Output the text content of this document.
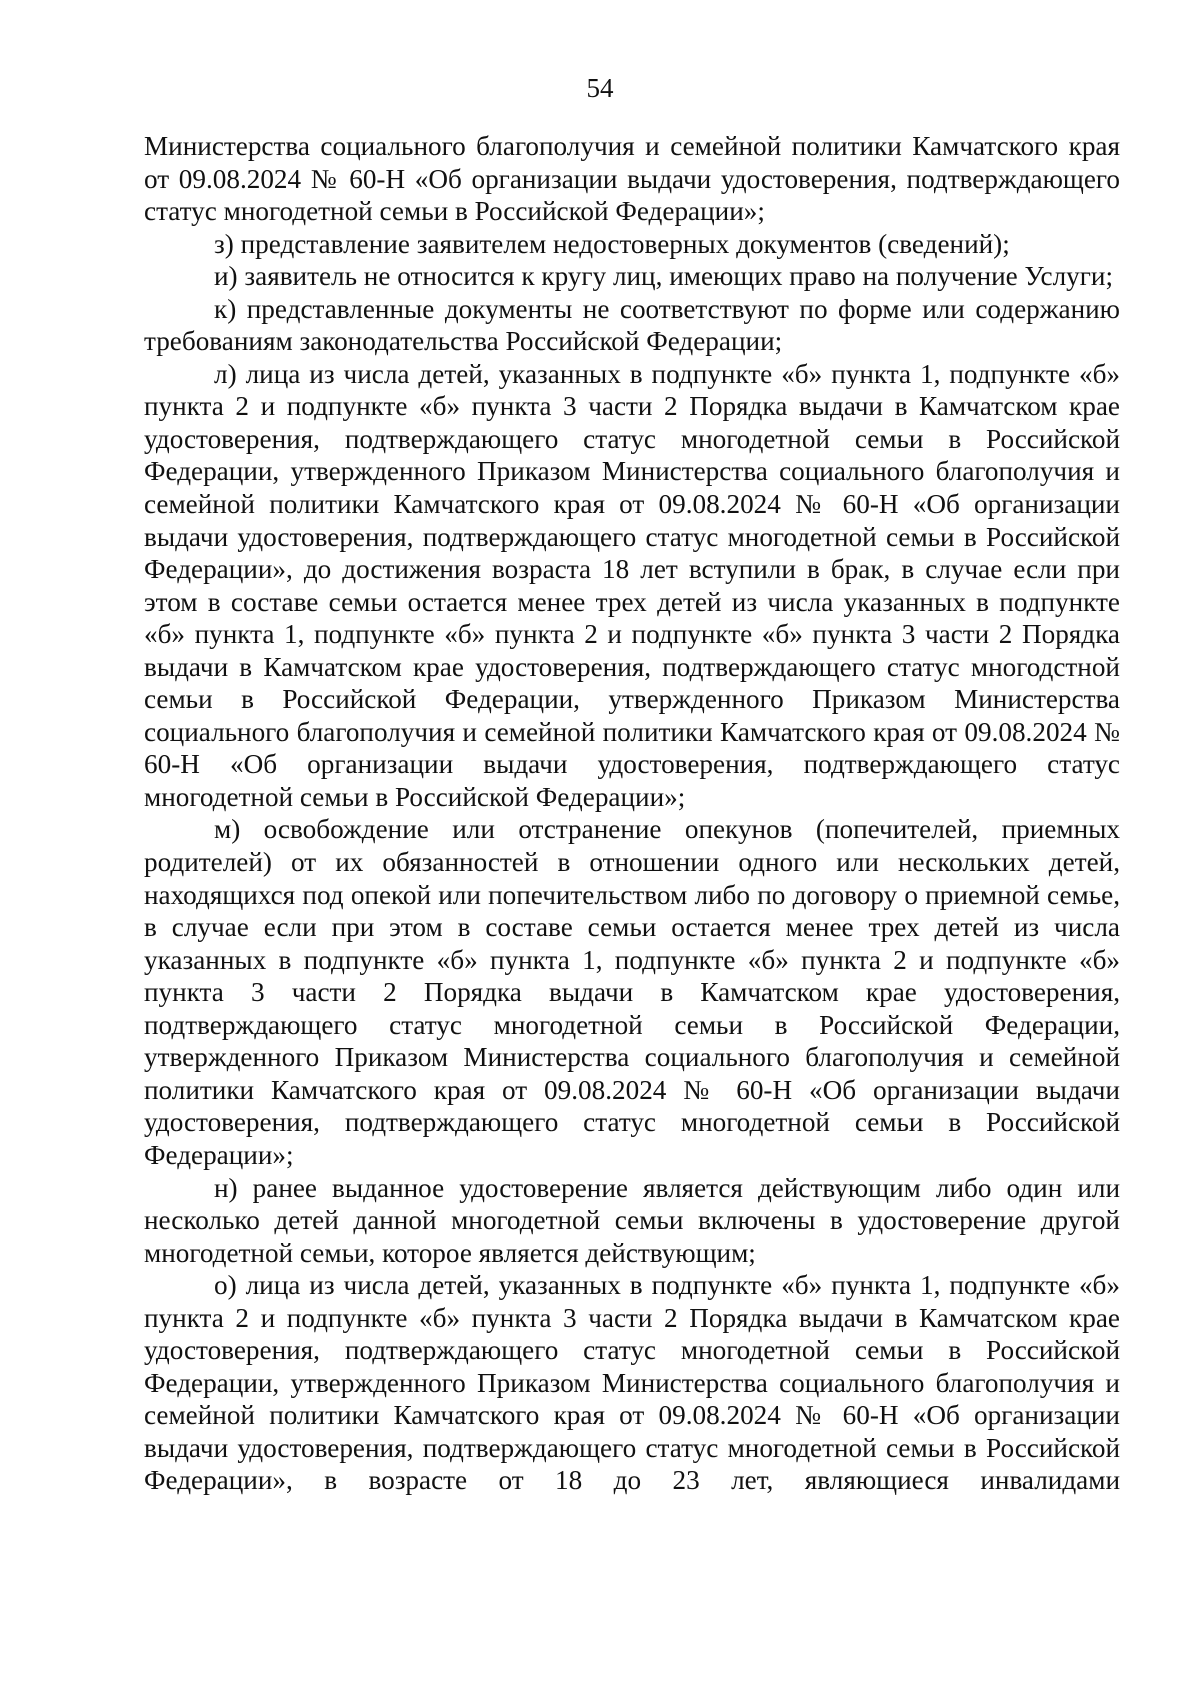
54

Министерства социального благополучия и семейной политики Камчатского края от 09.08.2024 № 60-Н «Об организации выдачи удостоверения, подтверждающего статус многодетной семьи в Российской Федерации»;

з) представление заявителем недостоверных документов (сведений);

и) заявитель не относится к кругу лиц, имеющих право на получение Услуги;

к) представленные документы не соответствуют по форме или содержанию требованиям законодательства Российской Федерации;

л) лица из числа детей, указанных в подпункте «б» пункта 1, подпункте «б» пункта 2 и подпункте «б» пункта 3 части 2 Порядка выдачи в Камчатском крае удостоверения, подтверждающего статус многодетной семьи в Российской Федерации, утвержденного Приказом Министерства социального благополучия и семейной политики Камчатского края от 09.08.2024 № 60-Н «Об организации выдачи удостоверения, подтверждающего статус многодетной семьи в Российской Федерации», до достижения возраста 18 лет вступили в брак, в случае если при этом в составе семьи остается менее трех детей из числа указанных в подпункте «б» пункта 1, подпункте «б» пункта 2 и подпункте «б» пункта 3 части 2 Порядка выдачи в Камчатском крае удостоверения, подтверждающего статус многодстной семьи в Российской Федерации, утвержденного Приказом Министерства социального благополучия и семейной политики Камчатского края от 09.08.2024 № 60-Н «Об организации выдачи удостоверения, подтверждающего статус многодетной семьи в Российской Федерации»;

м) освобождение или отстранение опекунов (попечителей, приемных родителей) от их обязанностей в отношении одного или нескольких детей, находящихся под опекой или попечительством либо по договору о приемной семье, в случае если при этом в составе семьи остается менее трех детей из числа указанных в подпункте «б» пункта 1, подпункте «б» пункта 2 и подпункте «б» пункта 3 части 2 Порядка выдачи в Камчатском крае удостоверения, подтверждающего статус многодетной семьи в Российской Федерации, утвержденного Приказом Министерства социального благополучия и семейной политики Камчатского края от 09.08.2024 № 60-Н «Об организации выдачи удостоверения, подтверждающего статус многодетной семьи в Российской Федерации»;

н) ранее выданное удостоверение является действующим либо один или несколько детей данной многодетной семьи включены в удостоверение другой многодетной семьи, которое является действующим;

о) лица из числа детей, указанных в подпункте «б» пункта 1, подпункте «б» пункта 2 и подпункте «б» пункта 3 части 2 Порядка выдачи в Камчатском крае удостоверения, подтверждающего статус многодетной семьи в Российской Федерации, утвержденного Приказом Министерства социального благополучия и семейной политики Камчатского края от 09.08.2024 № 60-Н «Об организации выдачи удостоверения, подтверждающего статус многодетной семьи в Российской Федерации», в возрасте от 18 до 23 лет, являющиеся инвалидами
